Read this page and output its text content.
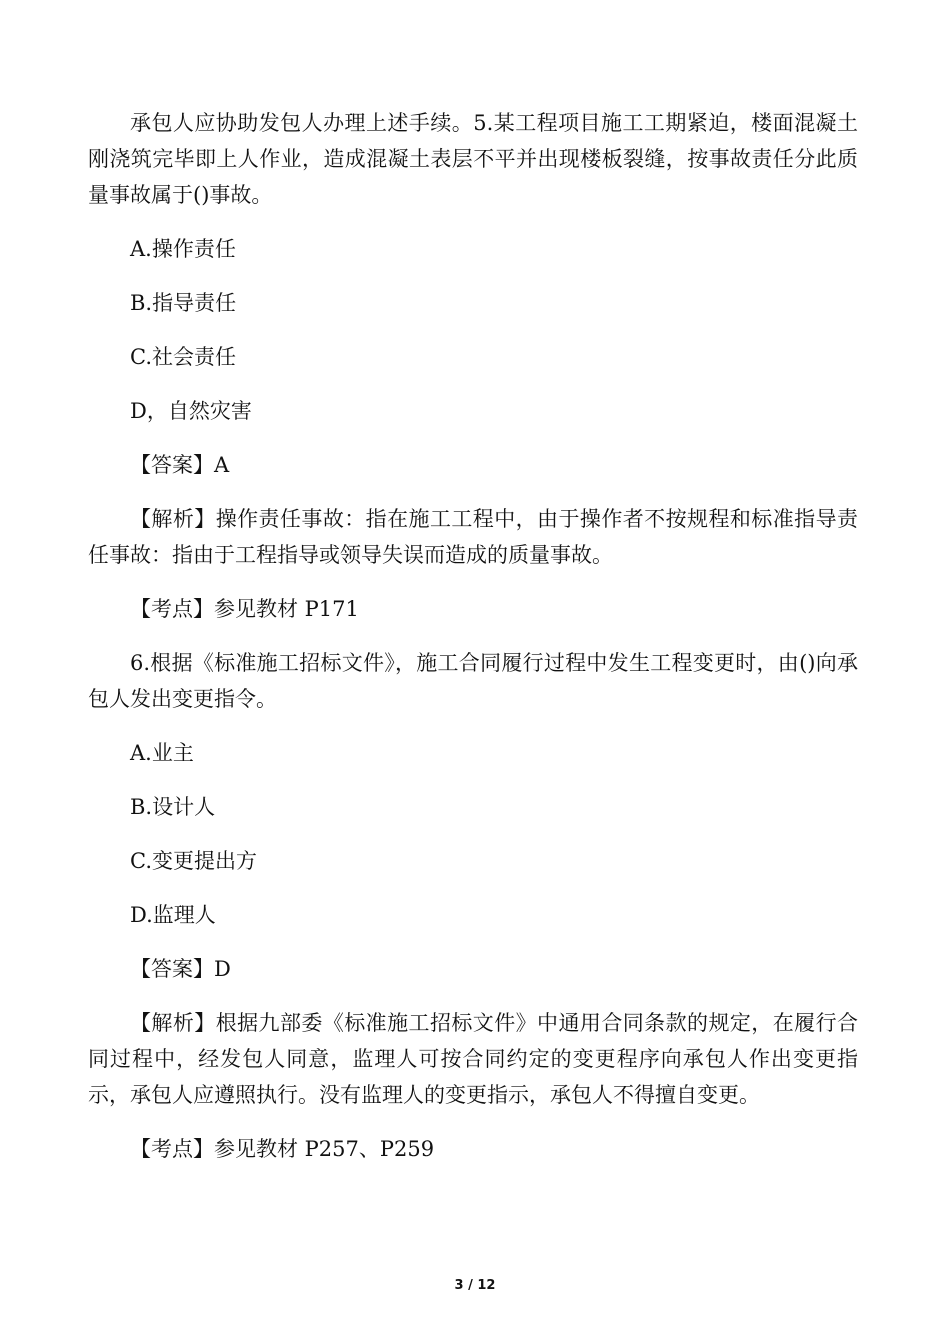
承包人应协助发包人办理上述手续。5.某工程项目施工工期紧迫，楼面混凝土刚浇筑完毕即上人作业，造成混凝土表层不平并出现楼板裂缝，按事故责任分此质量事故属于()事故。

A.操作责任

B.指导责任

C.社会责任

D，自然灾害

【答案】A

【解析】操作责任事故：指在施工工程中，由于操作者不按规程和标准指导责任事故：指由于工程指导或领导失误而造成的质量事故。

【考点】参见教材 P171

6.根据《标准施工招标文件》，施工合同履行过程中发生工程变更时，由()向承包人发出变更指令。

A.业主

B.设计人

C.变更提出方

D.监理人

【答案】D

【解析】根据九部委《标准施工招标文件》中通用合同条款的规定，在履行合同过程中，经发包人同意，监理人可按合同约定的变更程序向承包人作出变更指示，承包人应遵照执行。没有监理人的变更指示，承包人不得擅自变更。

【考点】参见教材 P257、P259

3 / 12
